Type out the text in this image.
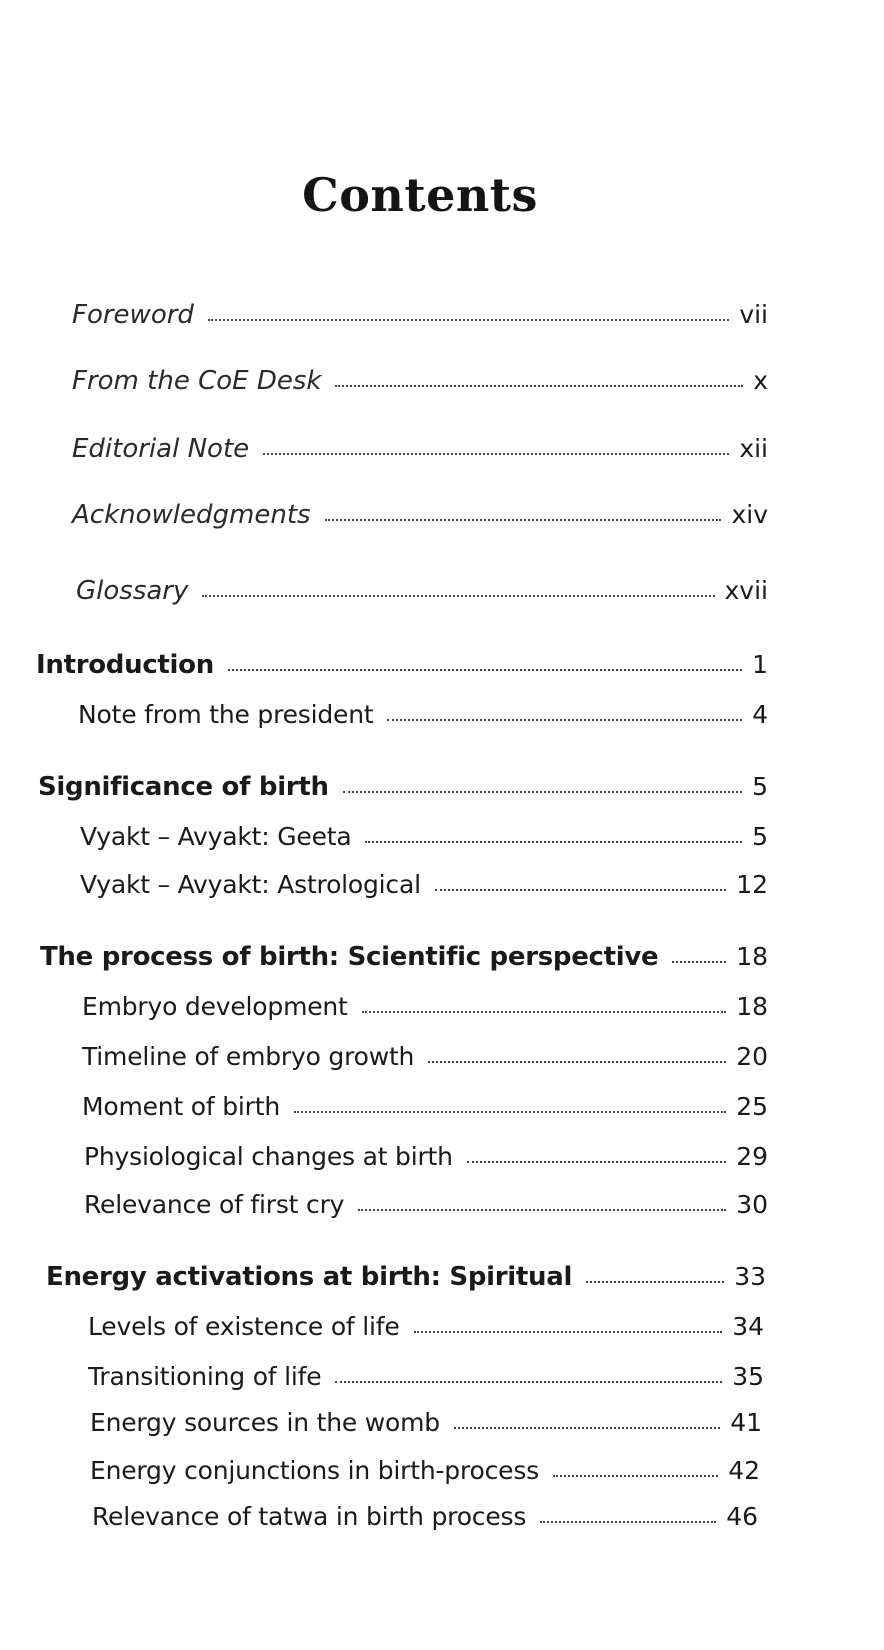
Contents
Foreword	vii
From the CoE Desk	x
Editorial Note	xii
Acknowledgments	xiv
Glossary	xvii
Introduction	1
Note from the president	4
Significance of birth	5
Vyakt – Avyakt: Geeta	5
Vyakt – Avyakt: Astrological	12
The process of birth: Scientific perspective	18
Embryo development	18
Timeline of embryo growth	20
Moment of birth	25
Physiological changes at birth	29
Relevance of first cry	30
Energy activations at birth: Spiritual	33
Levels of existence of life	34
Transitioning of life	35
Energy sources in the womb	41
Energy conjunctions in birth-process	42
Relevance of tatwa in birth process	46
